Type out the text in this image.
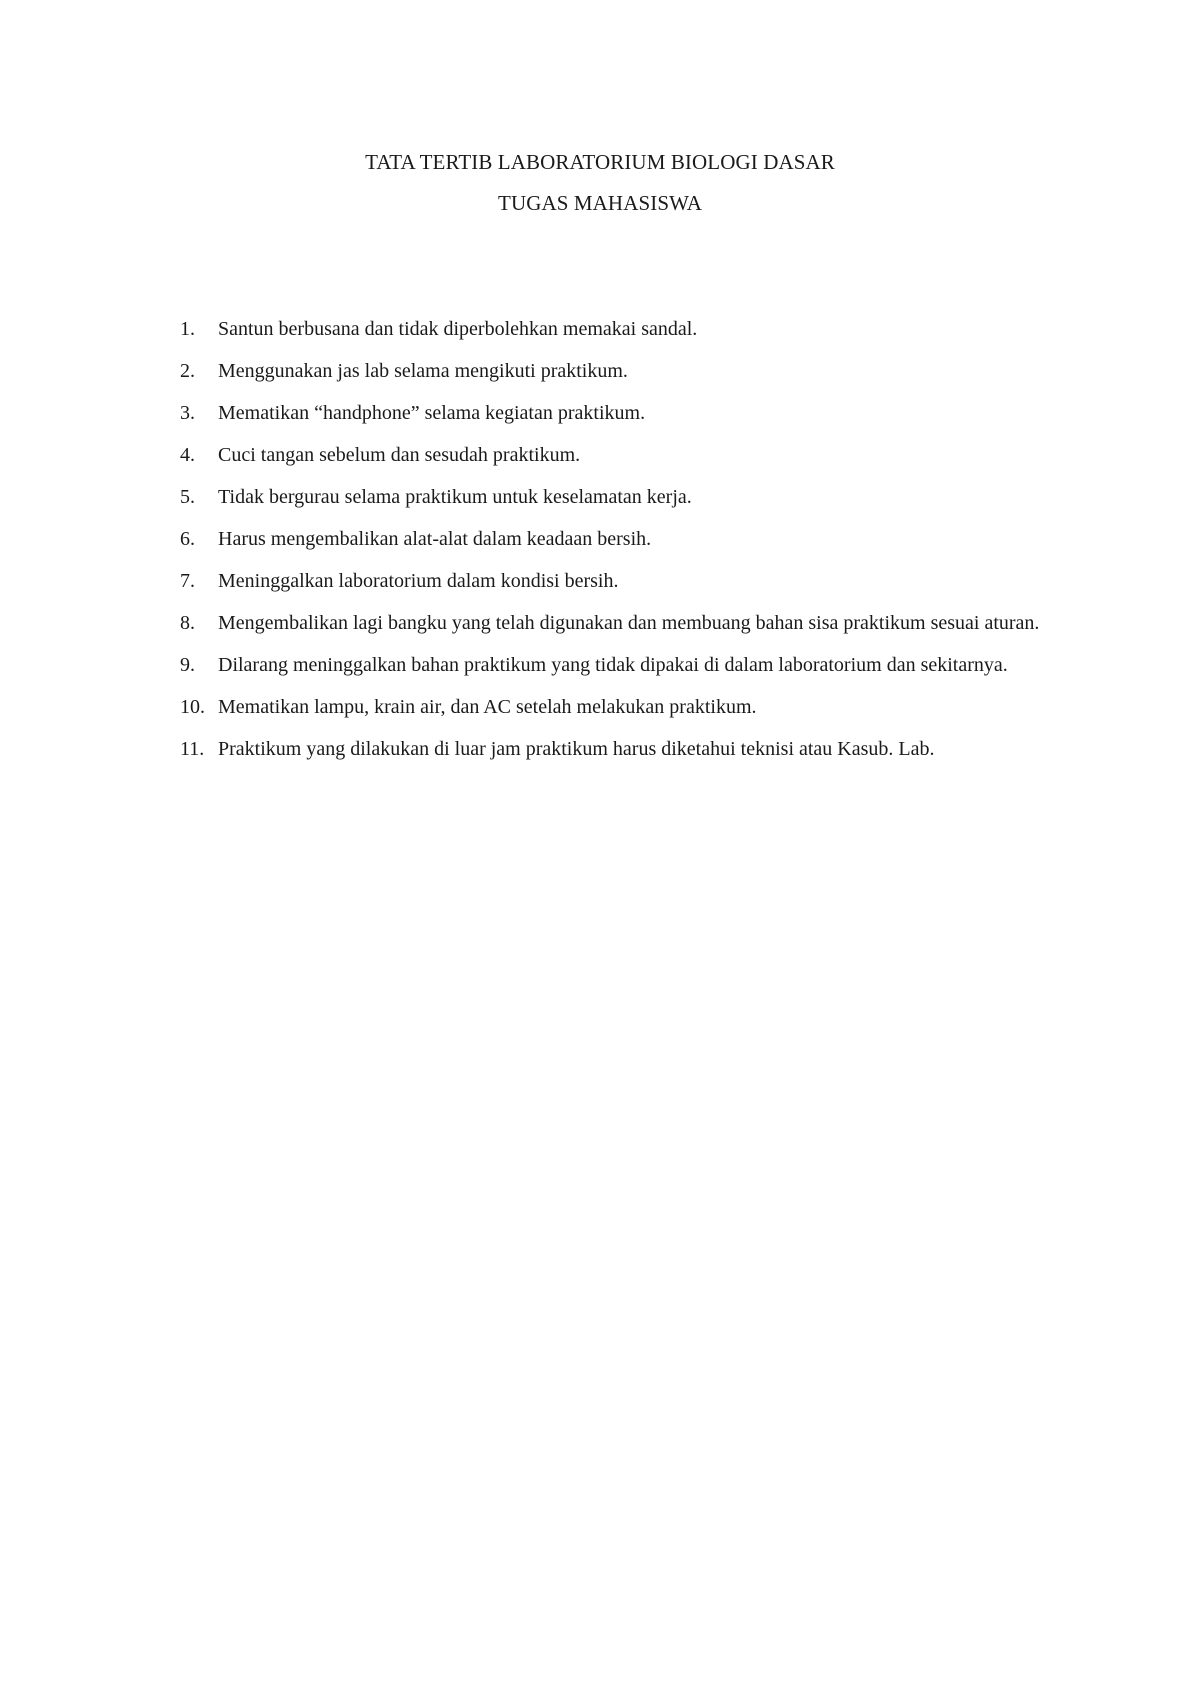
TATA TERTIB LABORATORIUM BIOLOGI DASAR
TUGAS MAHASISWA
1.	Santun berbusana dan tidak diperbolehkan memakai sandal.
2.	Menggunakan jas lab selama mengikuti praktikum.
3.	Mematikan “handphone” selama kegiatan praktikum.
4.	Cuci tangan sebelum dan sesudah praktikum.
5.	Tidak bergurau selama praktikum untuk keselamatan kerja.
6.	Harus mengembalikan alat-alat dalam keadaan bersih.
7.	Meninggalkan laboratorium dalam kondisi bersih.
8.	Mengembalikan lagi bangku yang telah digunakan dan membuang bahan sisa praktikum sesuai aturan.
9.	Dilarang meninggalkan bahan praktikum yang tidak dipakai di dalam laboratorium dan sekitarnya.
10. Mematikan lampu, krain air, dan AC setelah melakukan praktikum.
11. Praktikum yang dilakukan di luar jam praktikum harus diketahui teknisi atau Kasub. Lab.
